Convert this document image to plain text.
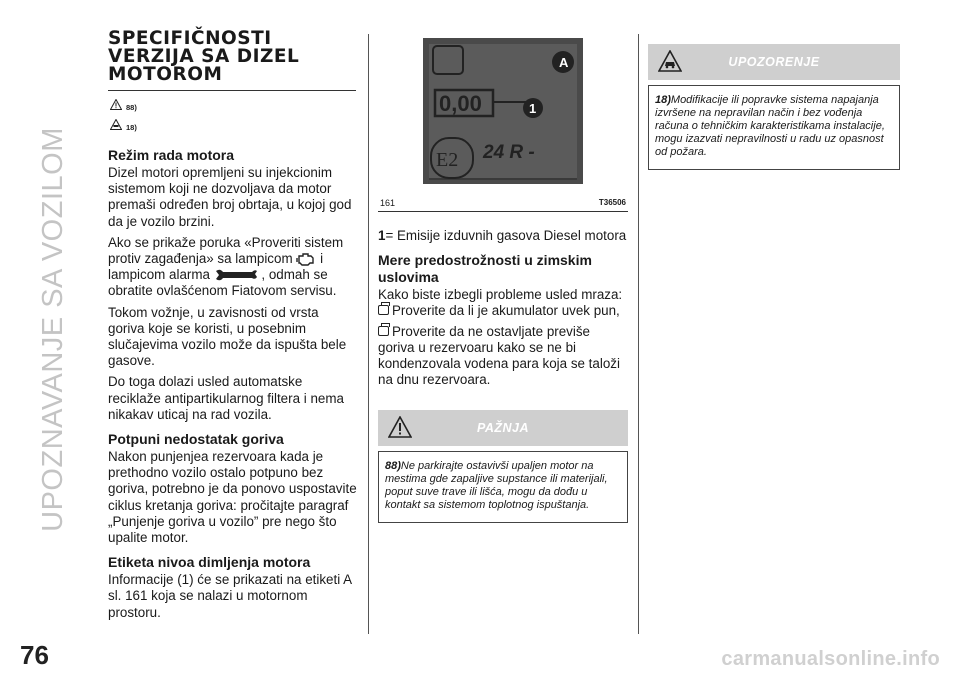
UPOZNAVANJE SA VOZILOM
76	carmanualsonline.info
SPECIFIČNOSTI
VERZIJA SA DIZEL
MOTOROM
88)
18)
Režim rada motora

Dizel motori opremljeni su injekcionim sistemom koji ne dozvoljava da motor premaši određen broj obrtaja, u kojoj god da je vozilo brzini.

Ako se prikaže poruka «Proveriti sistem protiv zagađenja» sa lampicom i lampicom alarma	, odmah se obratite ovlašćenom Fiatovom servisu.

Tokom vožnje, u zavisnosti od vrsta goriva koje se koristi, u posebnim slučajevima vozilo može da ispušta bele gasove.

Do toga dolazi usled automatske reciklaže antipartikularnog filtera i nema nikakav uticaj na rad vozila.

Potpuni nedostatak goriva

Nakon punjenjea rezervoara kada je prethodno vozilo ostalo potpuno bez goriva, potrebno je da ponovo uspostavite ciklus kretanja goriva: pročitajte paragraf „Punjenje goriva u vozilo” pre nego što upalite motor.

Etiketa nivoa dimljenja motora

Informacije (1) će se prikazati na etiketi A sl. 161 koja se nalazi u motornom prostoru.

0,00
E2 24 R -
A
1
161	T36506

1= Emisije izduvnih gasova Diesel motora

Mere predostrožnosti u zimskim uslovima

Kako biste izbegli probleme usled mraza:

Proverite da li je akumulator uvek pun,

Proverite da ne ostavljate previše goriva u rezervoaru kako se ne bi kondenzovala vodena para koja se taloži na dnu rezervoara.

PAŽNJA
88)Ne parkirajte ostavivši upaljen motor na mestima gde zapaljive supstance ili materijali, poput suve trave ili lišća, mogu da dođu u kontakt sa sistemom toplotnog ispuštanja.
UPOZORENJE
18)Modifikacije ili popravke sistema napajanja izvršene na nepravilan način i bez vođenja računa o tehničkim karakteristikama instalacije, mogu izazvati nepravilnosti u radu uz opasnost od požara.
